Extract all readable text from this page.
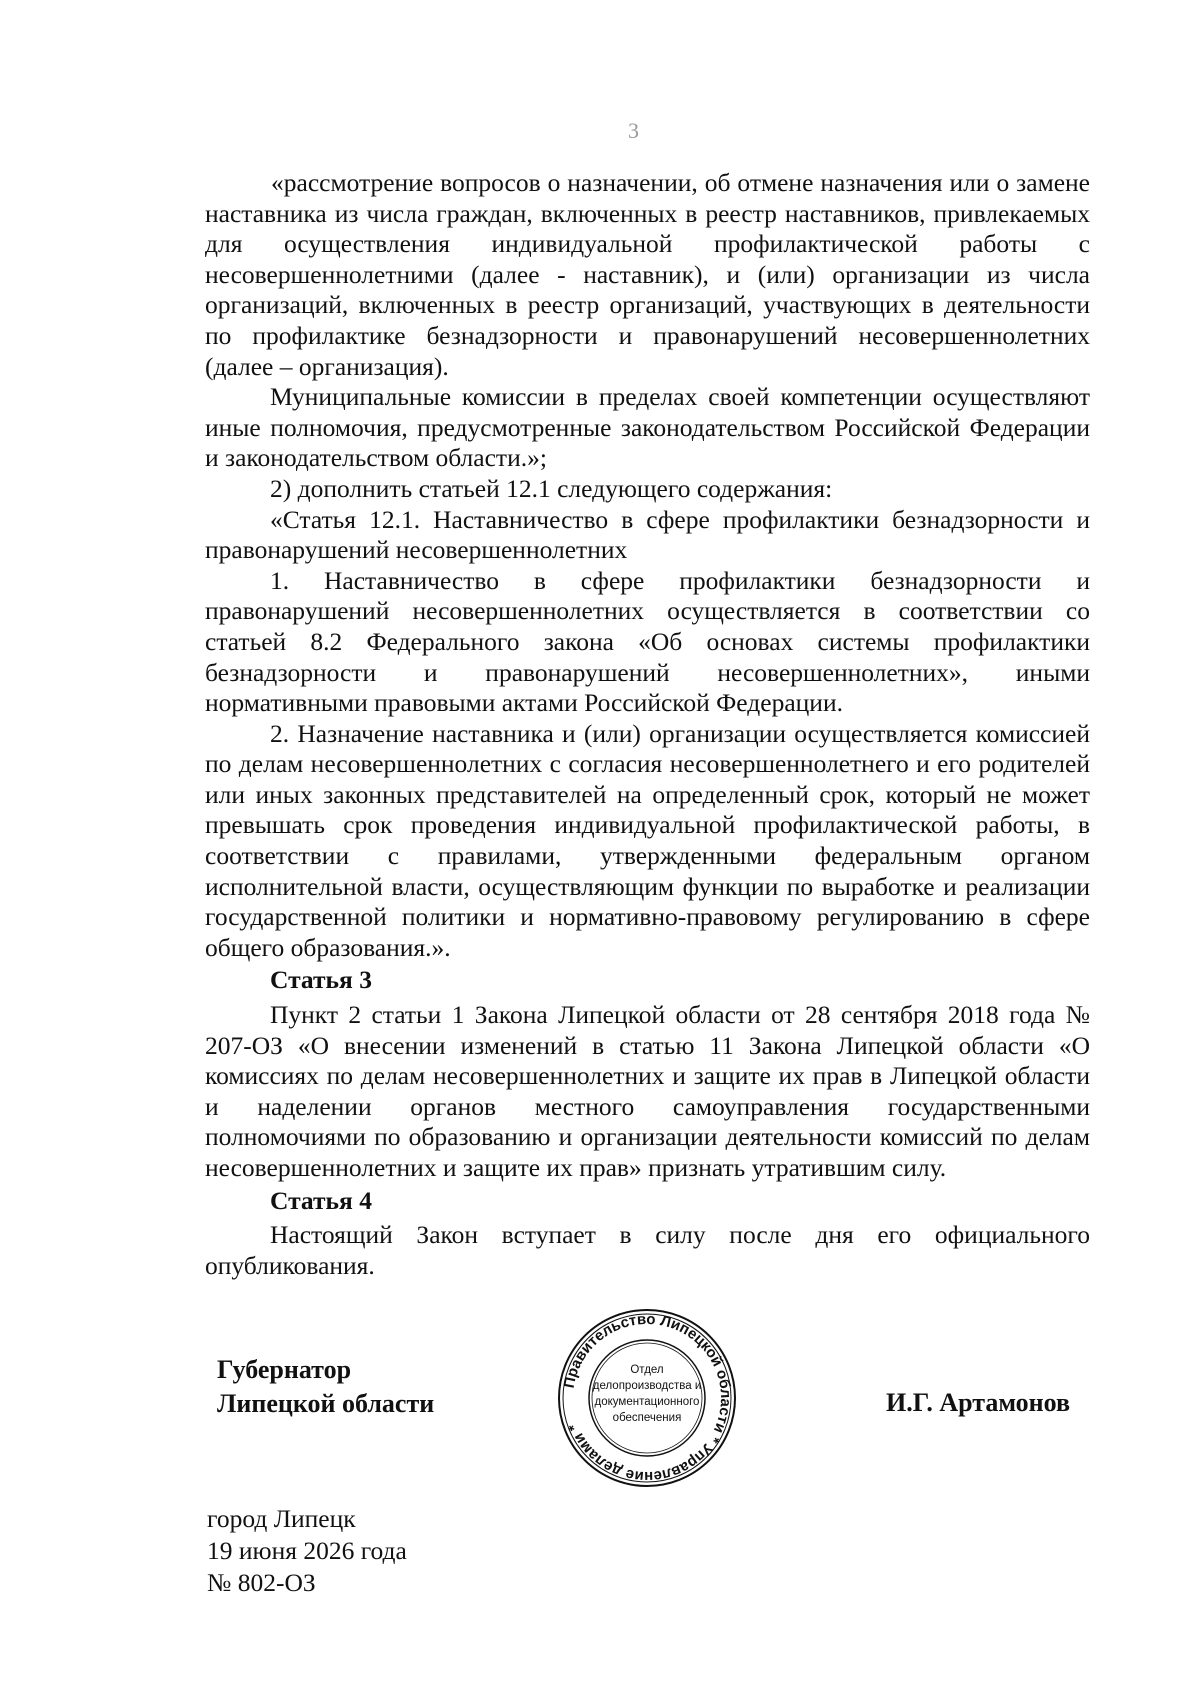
3

«рассмотрение вопросов о назначении, об отмене назначения или о замене наставника из числа граждан, включенных в реестр наставников, привлекаемых для осуществления индивидуальной профилактической работы с несовершеннолетними (далее - наставник), и (или) организации из числа организаций, включенных в реестр организаций, участвующих в деятельности по профилактике безнадзорности и правонарушений несовершеннолетних (далее – организация).

Муниципальные комиссии в пределах своей компетенции осуществляют иные полномочия, предусмотренные законодательством Российской Федерации и законодательством области.»;

2) дополнить статьей 12.1 следующего содержания:

«Статья 12.1. Наставничество в сфере профилактики безнадзорности и правонарушений несовершеннолетних

1. Наставничество в сфере профилактики безнадзорности и правонарушений несовершеннолетних осуществляется в соответствии со статьей 8.2 Федерального закона «Об основах системы профилактики безнадзорности и правонарушений несовершеннолетних», иными нормативными правовыми актами Российской Федерации.

2. Назначение наставника и (или) организации осуществляется комиссией по делам несовершеннолетних с согласия несовершеннолетнего и его родителей или иных законных представителей на определенный срок, который не может превышать срок проведения индивидуальной профилактической работы, в соответствии с правилами, утвержденными федеральным органом исполнительной власти, осуществляющим функции по выработке и реализации государственной политики и нормативно-правовому регулированию в сфере общего образования.».

Статья 3

Пункт 2 статьи 1 Закона Липецкой области от 28 сентября 2018 года № 207-ОЗ «О внесении изменений в статью 11 Закона Липецкой области «О комиссиях по делам несовершеннолетних и защите их прав в Липецкой области и наделении органов местного самоуправления государственными полномочиями по образованию и организации деятельности комиссий по делам несовершеннолетних и защите их прав» признать утратившим силу.

Статья 4

Настоящий Закон вступает в силу после дня его официального опубликования.

Губернатор
Липецкой области
Правительство Липецкой области * Управление делами *
Отдел
делопроизводства и
документационного
обеспечения
И.Г. Артамонов
город Липецк
19 июня 2026 года
№ 802-ОЗ
